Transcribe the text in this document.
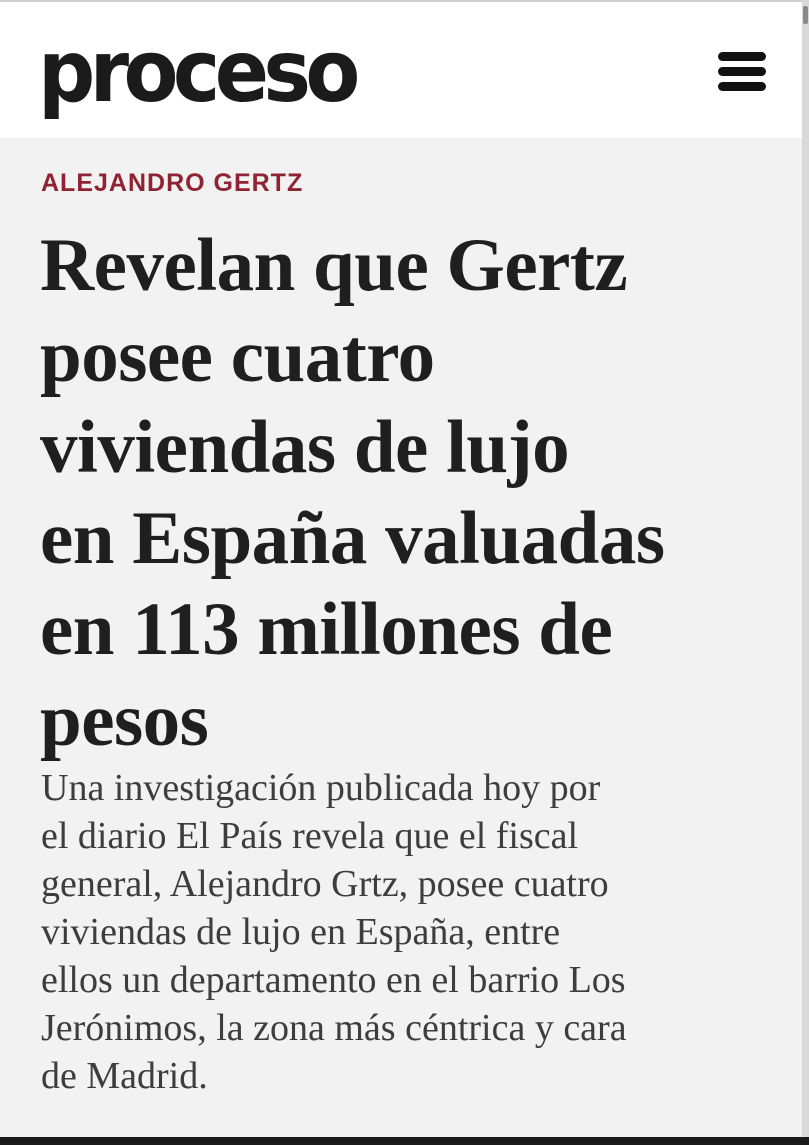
proceso
ALEJANDRO GERTZ
Revelan que Gertz
posee cuatro
viviendas de lujo
en España valuadas
en 113 millones de
pesos

Una investigación publicada hoy por
el diario El País revela que el fiscal
general, Alejandro Grtz, posee cuatro
viviendas de lujo en España, entre
ellos un departamento en el barrio Los
Jerónimos, la zona más céntrica y cara
de Madrid.
